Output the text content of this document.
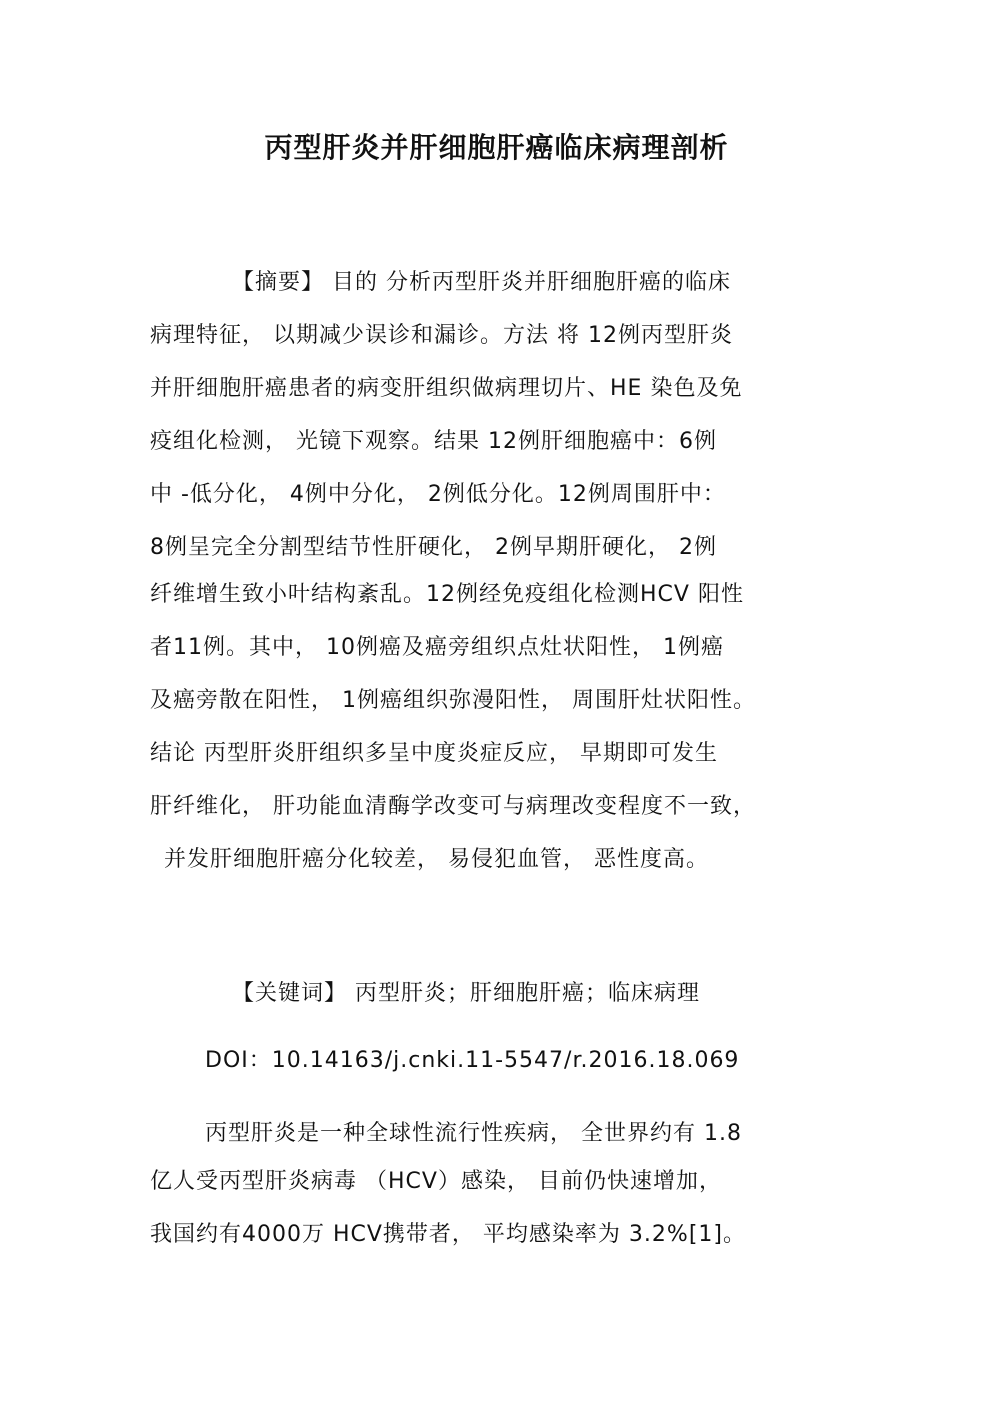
丙型肝炎并肝细胞肝癌临床病理剖析
【摘要】 目的 分析丙型肝炎并肝细胞肝癌的临床
病理特征， 以期减少误诊和漏诊。方法 将 12例丙型肝炎
并肝细胞肝癌患者的病变肝组织做病理切片、HE 染色及免
疫组化检测， 光镜下观察。结果 12例肝细胞癌中：6例
中 -低分化， 4例中分化， 2例低分化。12例周围肝中：
8例呈完全分割型结节性肝硬化， 2例早期肝硬化， 2例
纤维增生致小叶结构紊乱。12例经免疫组化检测HCV 阳性
者11例。其中， 10例癌及癌旁组织点灶状阳性， 1例癌
及癌旁散在阳性， 1例癌组织弥漫阳性， 周围肝灶状阳性。
结论 丙型肝炎肝组织多呈中度炎症反应， 早期即可发生
肝纤维化， 肝功能血清酶学改变可与病理改变程度不一致，
并发肝细胞肝癌分化较差， 易侵犯血管， 恶性度高。
【关键词】 丙型肝炎；肝细胞肝癌；临床病理
DOI：10.14163/j.cnki.11-5547/r.2016.18.069
丙型肝炎是一种全球性流行性疾病， 全世界约有 1.8
亿人受丙型肝炎病毒 （HCV）感染， 目前仍快速增加，
我国约有4000万 HCV携带者， 平均感染率为 3.2%[1]。
